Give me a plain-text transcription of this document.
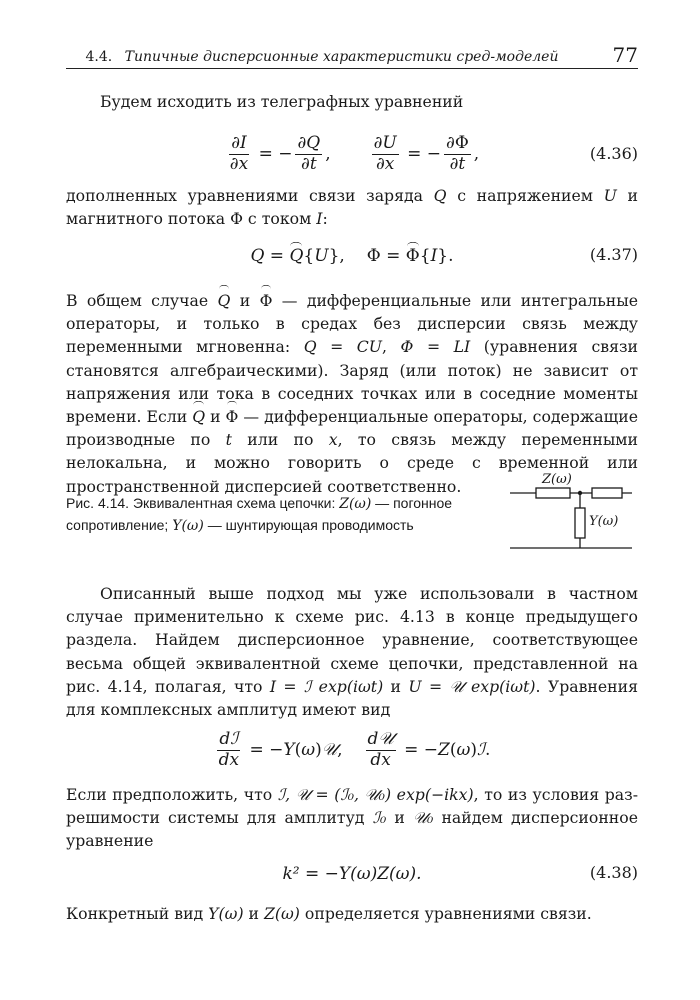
4.4. Типичные дисперсионные характеристики сред-моделей	77

Будем исходить из телеграфных уравнений

$\frac{\partial I}{\partial x}$ = − $\frac{\partial Q}{\partial t}$ , $\frac{\partial U}{\partial x}$ = − $\frac{\partial\Phi}{\partial t}$ ,	(4.36)

дополненных уравнениями связи заряда Q с напряжением U и магнитного потока Φ с током I:

Q = Q { U }, Φ = Φ { I }.	(4.37)

В общем случае Q и Φ — дифференциальные или интегральные операторы, и только в средах без дисперсии связь между переменными мгновенна: Q = CU, Φ = LI (уравнения связи становятся алгебраическими). Заряд (или поток) не зависит от напряжения или тока в соседних точках или в соседние моменты времени. Если Q и Φ — дифференциальные операторы, содержащие производные по t или по x, то связь между переменными нелокальна, и можно говорить о среде с временной или пространственной дисперсией соответственно.

Рис. 4.14. Эквивалентная схема цепочки: Z(ω) — погонное сопротивление; Y(ω) — шунтирующая проводимость
Z(ω)
Y(ω)

Описанный выше подход мы уже использовали в частном случае применительно к схеме рис. 4.13 в конце предыдущего раздела. Найдем дисперсионное уравнение, соответствующее весьма общей эквивалентной схеме цепочки, представленной на рис. 4.14, полагая, что I = ℐ exp(iωt) и U = 𝒰 exp(iωt). Уравнения для комплексных амплитуд имеют вид

$\frac{\text{dℐ}}{dx}$ = − Y ( ω ) 𝒰 , $\frac{\text{d𝒰}}{dx}$ = − Z ( ω ) ℐ .

Если предположить, что ℐ, 𝒰 = (ℐ₀, 𝒰₀) exp(−ikx), то из условия разрешимости системы для амплитуд ℐ₀ и 𝒰₀ найдем дисперсионное уравнение

k² = −Y(ω)Z(ω).	(4.38)

Конкретный вид Y(ω) и Z(ω) определяется уравнениями связи.
